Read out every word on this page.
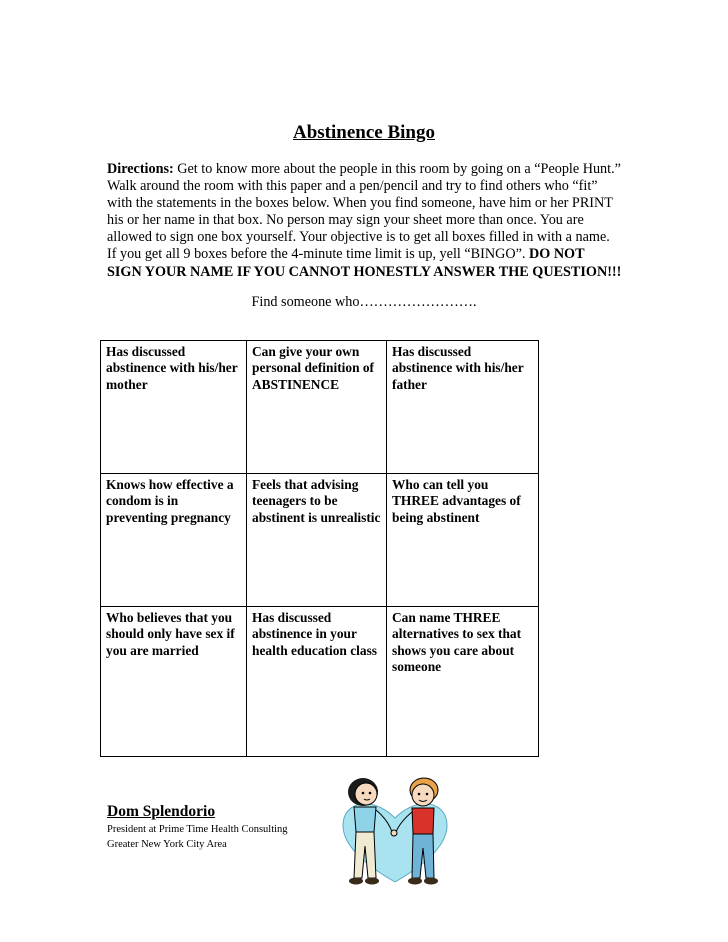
Abstinence Bingo
Directions: Get to know more about the people in this room by going on a “People Hunt.” Walk around the room with this paper and a pen/pencil and try to find others who “fit” with the statements in the boxes below. When you find someone, have him or her PRINT his or her name in that box. No person may sign your sheet more than once. You are allowed to sign one box yourself. Your objective is to get all boxes filled in with a name. If you get all 9 boxes before the 4-minute time limit is up, yell “BINGO”. DO NOT SIGN YOUR NAME IF YOU CANNOT HONESTLY ANSWER THE QUESTION!!!
Find someone who…………………….
Has discussed abstinence with his/her mother	Can give your own personal definition of ABSTINENCE	Has discussed abstinence with his/her father
Knows how effective a condom is in preventing pregnancy	Feels that advising teenagers to be abstinent is unrealistic	Who can tell you THREE advantages of being abstinent
Who believes that you should only have sex if you are married	Has discussed abstinence in your health education class	Can name THREE alternatives to sex that shows you care about someone
Dom Splendorio
President at Prime Time Health Consulting
Greater New York City Area
